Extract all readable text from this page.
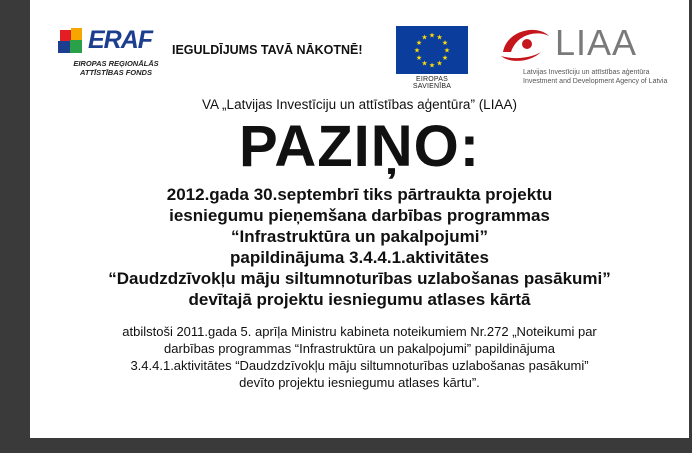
ERAF
EIROPAS REĢIONĀLĀS
ATTĪSTĪBAS FONDS
IEGULDĪJUMS TAVĀ NĀKOTNĒ!
★ ★
★
★
★
★
★
★
★
★
★
★
EIROPAS SAVIENĪBA
LIAA
Latvijas Investīciju un attīstības aģentūra
Investment and Development Agency of Latvia
VA „Latvijas Investīciju un attīstības aģentūra” (LIAA)
PAZIŅO:
2012.gada 30.septembrī tiks pārtraukta projektu
iesniegumu pieņemšana darbības programmas
“Infrastruktūra un pakalpojumi”
papildinājuma 3.4.4.1.aktivitātes
“Daudzdzīvokļu māju siltumnoturības uzlabošanas pasākumi”
devītajā projektu iesniegumu atlases kārtā
atbilstoši 2011.gada 5. aprīļa Ministru kabineta noteikumiem Nr.272 „Noteikumi par
darbības programmas “Infrastruktūra un pakalpojumi” papildinājuma
3.4.4.1.aktivitātes “Daudzdzīvokļu māju siltumnoturības uzlabošanas pasākumi”
devīto projektu iesniegumu atlases kārtu”.
